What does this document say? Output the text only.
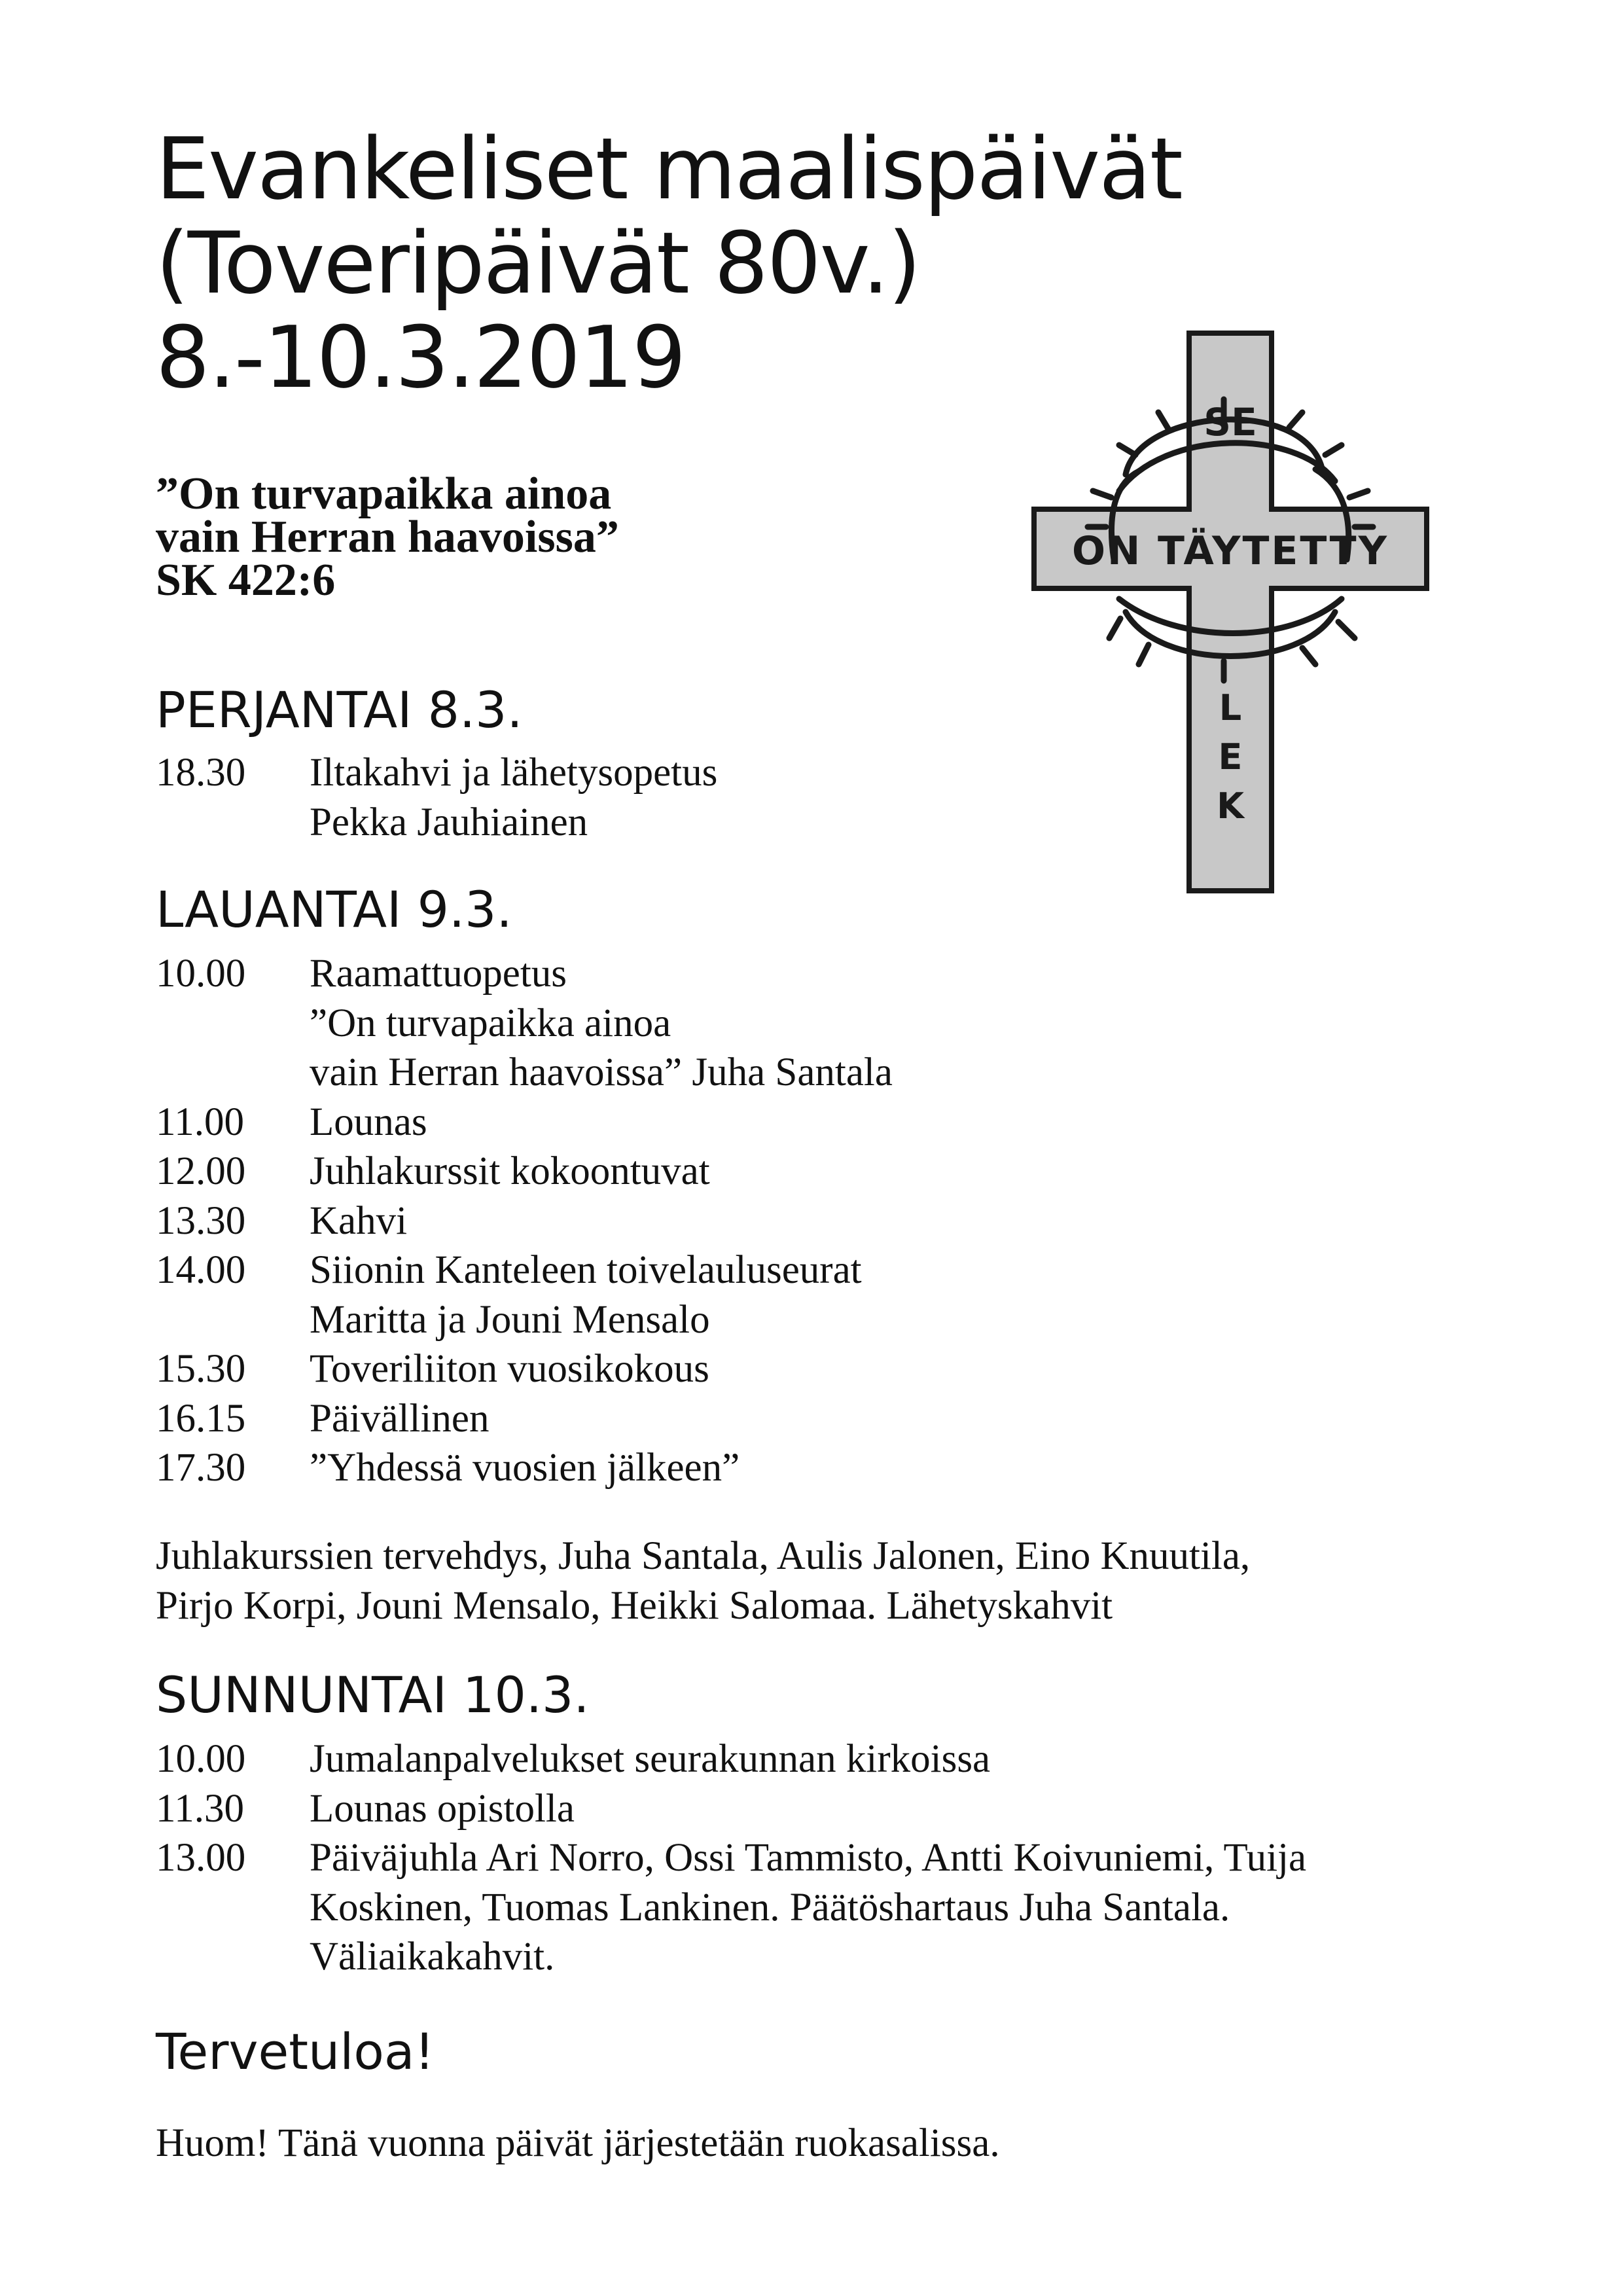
Evankeliset maalispäivät
(Toveripäivät 80v.)
8.-10.3.2019

”On turvapaikka ainoa
vain Herran haavoissa”
SK 422:6

SE
ON TÄYTETTY
L
E
K
PERJANTAI 8.3.
18.30	Iltakahvi ja lähetysopetus
Pekka Jauhiainen
LAUANTAI 9.3.
10.00	Raamattuopetus
”On turvapaikka ainoa
vain Herran haavoissa” Juha Santala
11.00	Lounas
12.00	Juhlakurssit kokoontuvat
13.30	Kahvi
14.00	Siionin Kanteleen toivelauluseurat
Maritta ja Jouni Mensalo
15.30	Toveriliiton vuosikokous
16.15	Päivällinen
17.30	”Yhdessä vuosien jälkeen”

Juhlakurssien tervehdys, Juha Santala, Aulis Jalonen, Eino Knuutila,
Pirjo Korpi, Jouni Mensalo, Heikki Salomaa. Lähetyskahvit

SUNNUNTAI 10.3.
10.00	Jumalanpalvelukset seurakunnan kirkoissa
11.30	Lounas opistolla
13.00	Päiväjuhla Ari Norro, Ossi Tammisto, Antti Koivuniemi, Tuija
Koskinen, Tuomas Lankinen. Päätöshartaus Juha Santala.
Väliaikakahvit.
Tervetuloa!

Huom! Tänä vuonna päivät järjestetään ruokasalissa.
